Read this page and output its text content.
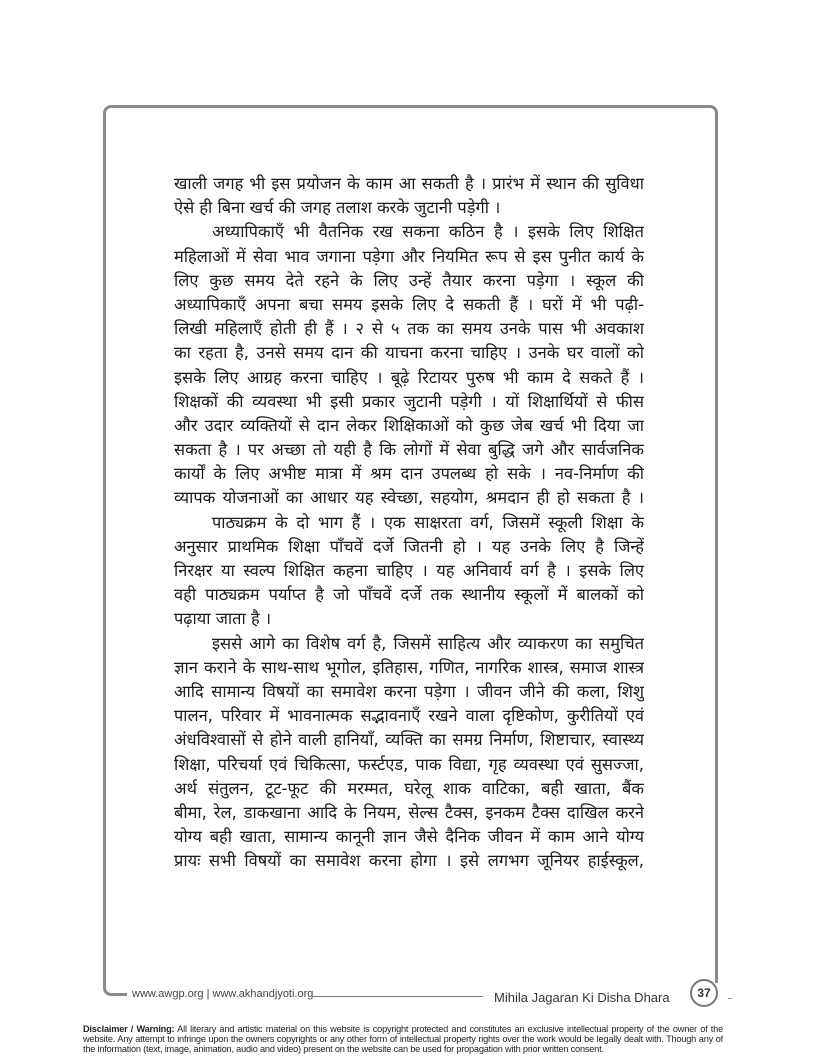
खाली जगह भी इस प्रयोजन के काम आ सकती है । प्रारंभ में स्थान की सुविधा
ऐसे ही बिना खर्च की जगह तलाश करके जुटानी पड़ेगी ।
अध्यापिकाएँ भी वैतनिक रख सकना कठिन है । इसके लिए शिक्षित
महिलाओं में सेवा भाव जगाना पड़ेगा और नियमित रूप से इस पुनीत कार्य के
लिए कुछ समय देते रहने के लिए उन्हें तैयार करना पड़ेगा । स्कूल की
अध्यापिकाएँ अपना बचा समय इसके लिए दे सकती हैं । घरों में भी पढ़ी-
लिखी महिलाएँ होती ही हैं । २ से ५ तक का समय उनके पास भी अवकाश
का रहता है, उनसे समय दान की याचना करना चाहिए । उनके घर वालों को
इसके लिए आग्रह करना चाहिए । बूढ़े रिटायर पुरुष भी काम दे सकते हैं ।
शिक्षकों की व्यवस्था भी इसी प्रकार जुटानी पड़ेगी । यों शिक्षार्थियों से फीस
और उदार व्यक्तियों से दान लेकर शिक्षिकाओं को कुछ जेब खर्च भी दिया जा
सकता है । पर अच्छा तो यही है कि लोगों में सेवा बुद्धि जगे और सार्वजनिक
कार्यों के लिए अभीष्ट मात्रा में श्रम दान उपलब्ध हो सके । नव-निर्माण की
व्यापक योजनाओं का आधार यह स्वेच्छा, सहयोग, श्रमदान ही हो सकता है ।
पाठ्यक्रम के दो भाग हैं । एक साक्षरता वर्ग, जिसमें स्कूली शिक्षा के
अनुसार प्राथमिक शिक्षा पाँचवें दर्जे जितनी हो । यह उनके लिए है जिन्हें
निरक्षर या स्वल्प शिक्षित कहना चाहिए । यह अनिवार्य वर्ग है । इसके लिए
वही पाठ्यक्रम पर्याप्त है जो पाँचवें दर्जे तक स्थानीय स्कूलों में बालकों को
पढ़ाया जाता है ।
इससे आगे का विशेष वर्ग है, जिसमें साहित्य और व्याकरण का समुचित
ज्ञान कराने के साथ-साथ भूगोल, इतिहास, गणित, नागरिक शास्त्र, समाज शास्त्र
आदि सामान्य विषयों का समावेश करना पड़ेगा । जीवन जीने की कला, शिशु
पालन, परिवार में भावनात्मक सद्भावनाएँ रखने वाला दृष्टिकोण, कुरीतियों एवं
अंधविश्वासों से होने वाली हानियाँ, व्यक्ति का समग्र निर्माण, शिष्टाचार, स्वास्थ्य
शिक्षा, परिचर्या एवं चिकित्सा, फर्स्टएड, पाक विद्या, गृह व्यवस्था एवं सुसज्जा,
अर्थ संतुलन, टूट-फूट की मरम्मत, घरेलू शाक वाटिका, बही खाता, बैंक
बीमा, रेल, डाकखाना आदि के नियम, सेल्स टैक्स, इनकम टैक्स दाखिल करने
योग्य बही खाता, सामान्य कानूनी ज्ञान जैसे दैनिक जीवन में काम आने योग्य
प्रायः सभी विषयों का समावेश करना होगा । इसे लगभग जूनियर हाईस्कूल,
www.awgp.org | www.akhandjyoti.org	Mihila Jagaran Ki Disha Dhara 37
Disclaimer / Warning: All literary and artistic material on this website is copyright protected and constitutes an exclusive intellectual property of the owner of the website. Any attempt to infringe upon the owners copyrights or any other form of intellectual property rights over the work would be legally dealt with. Though any of the information (text, image, animation, audio and video) present on the website can be used for propagation with prior written consent.
